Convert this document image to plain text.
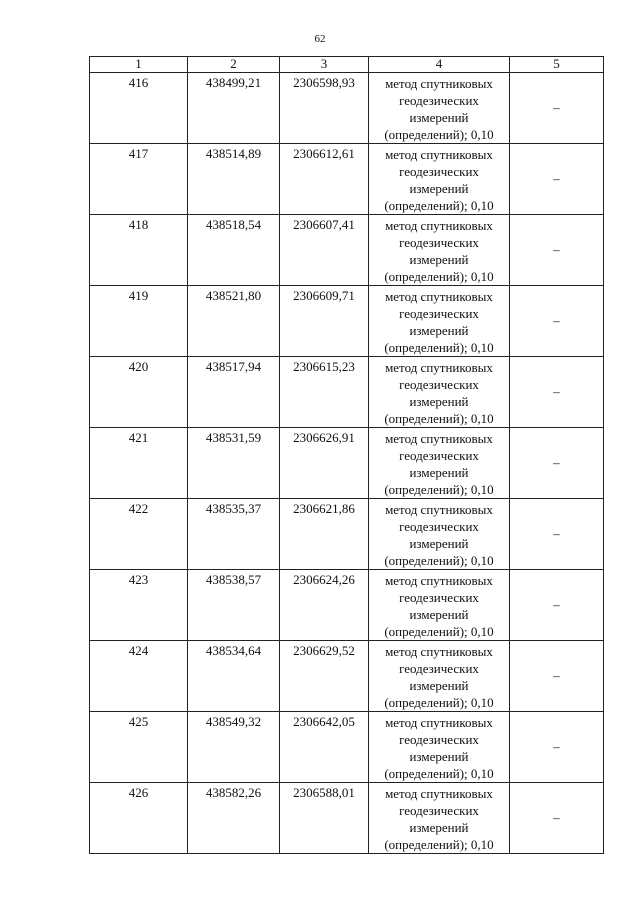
62
1	2	3	4	5
416	438499,21	2306598,93	метод спутниковых геодезических измерений (определений); 0,10	–
417	438514,89	2306612,61	метод спутниковых геодезических измерений (определений); 0,10	–
418	438518,54	2306607,41	метод спутниковых геодезических измерений (определений); 0,10	–
419	438521,80	2306609,71	метод спутниковых геодезических измерений (определений); 0,10	–
420	438517,94	2306615,23	метод спутниковых геодезических измерений (определений); 0,10	–
421	438531,59	2306626,91	метод спутниковых геодезических измерений (определений); 0,10	–
422	438535,37	2306621,86	метод спутниковых геодезических измерений (определений); 0,10	–
423	438538,57	2306624,26	метод спутниковых геодезических измерений (определений); 0,10	–
424	438534,64	2306629,52	метод спутниковых геодезических измерений (определений); 0,10	–
425	438549,32	2306642,05	метод спутниковых геодезических измерений (определений); 0,10	–
426	438582,26	2306588,01	метод спутниковых геодезических измерений (определений); 0,10	–
